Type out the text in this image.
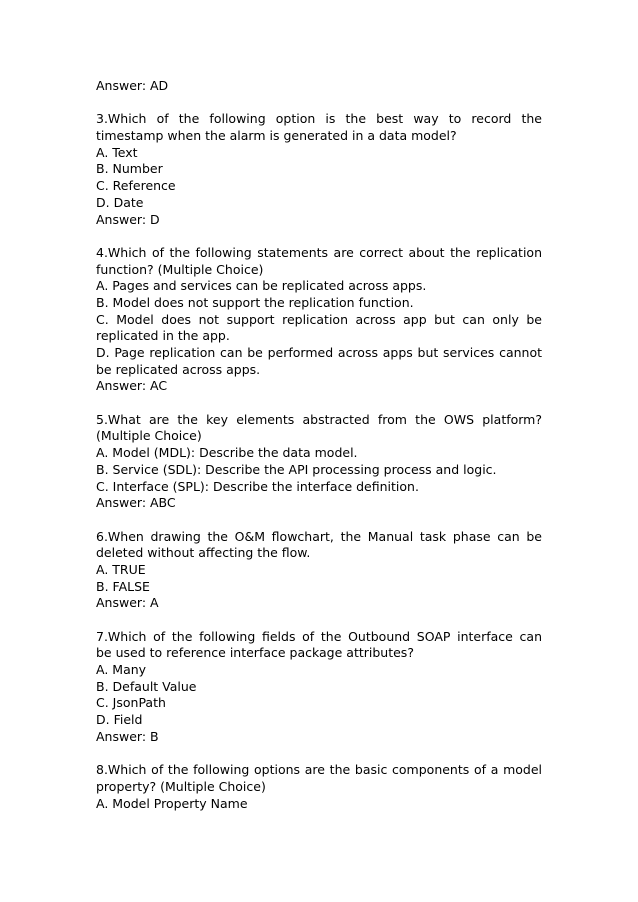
Answer: AD
3.Which of the following option is the best way to record the
timestamp when the alarm is generated in a data model?
A. Text
B. Number
C. Reference
D. Date
Answer: D
4.Which of the following statements are correct about the replication
function? (Multiple Choice)
A. Pages and services can be replicated across apps.
B. Model does not support the replication function.
C. Model does not support replication across app but can only be
replicated in the app.
D. Page replication can be performed across apps but services cannot
be replicated across apps.
Answer: AC
5.What are the key elements abstracted from the OWS platform?
(Multiple Choice)
A. Model (MDL): Describe the data model.
B. Service (SDL): Describe the API processing process and logic.
C. Interface (SPL): Describe the interface definition.
Answer: ABC
6.When drawing the O&M flowchart, the Manual task phase can be
deleted without affecting the flow.
A. TRUE
B. FALSE
Answer: A
7.Which of the following fields of the Outbound SOAP interface can
be used to reference interface package attributes?
A. Many
B. Default Value
C. JsonPath
D. Field
Answer: B
8.Which of the following options are the basic components of a model
property? (Multiple Choice)
A. Model Property Name
